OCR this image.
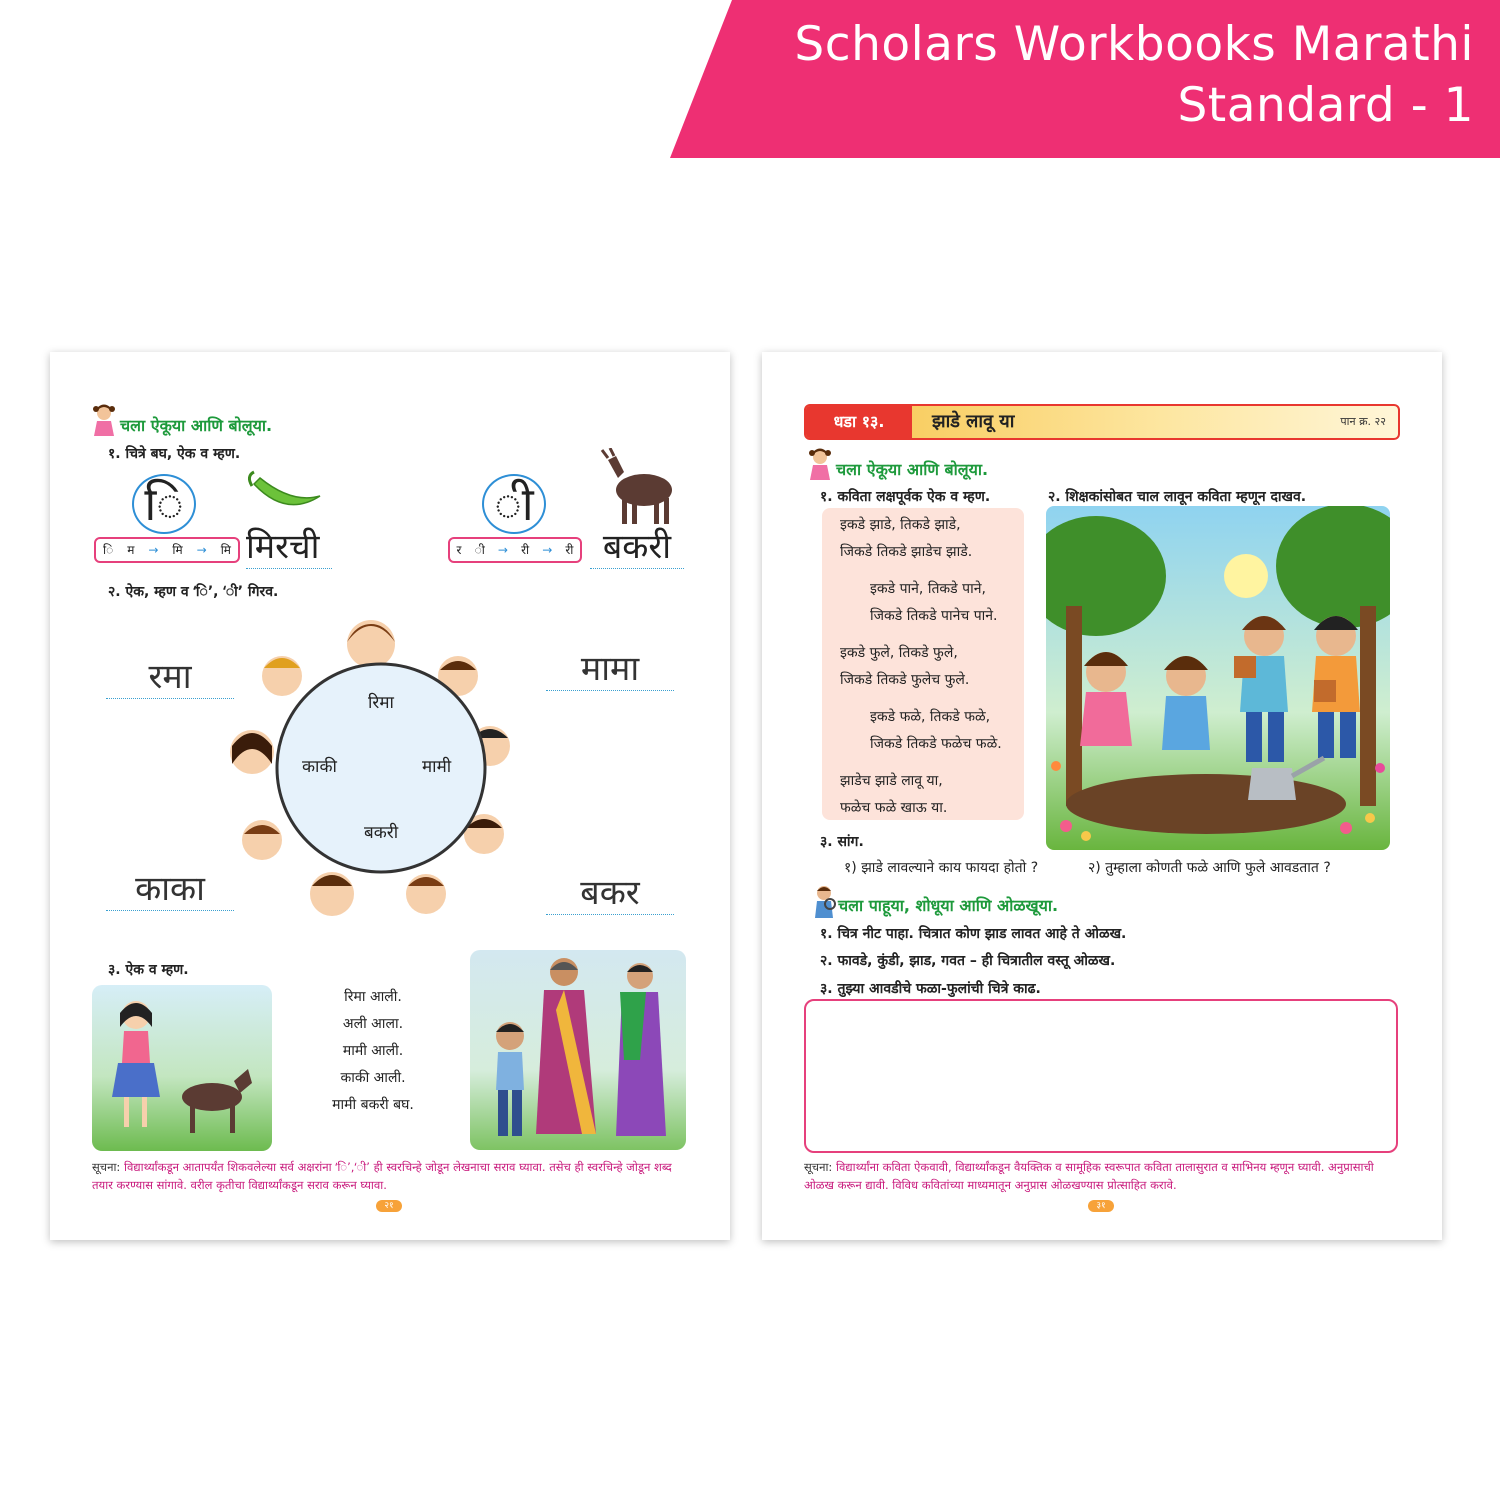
Scholars Workbooks Marathi
Standard - 1
चला ऐकूया आणि बोलूया.
१. चित्रे बघ, ऐक व म्हण.
ि
ि म → मि → मि मिरची
ी
र ी → री → री बकरी
२. ऐक, म्हण व ‘ि’, ‘ी’ गिरव.
रमा	मामा
काका	बकर
रिमा
काकी	मामी
बकरी
३. ऐक व म्हण.
रिमा आली.
अली आला.
मामी आली.
काकी आली.
मामी बकरी बघ.
सूचना: विद्यार्थ्यांकडून आतापर्यंत शिकवलेल्या सर्व अक्षरांना ‘ि’,‘ी’ ही स्वरचिन्हे जोडून लेखनाचा सराव घ्यावा. तसेच ही स्वरचिन्हे जोडून शब्द तयार करण्यास सांगावे. वरील कृतीचा विद्यार्थ्यांकडून सराव करून घ्यावा.
२१
धडा १३.	झाडे लावू या	पान क्र. २२
चला ऐकूया आणि बोलूया.
१. कविता लक्षपूर्वक ऐक व म्हण.	२. शिक्षकांसोबत चाल लावून कविता म्हणून दाखव.

इकडे झाडे, तिकडे झाडे,

जिकडे तिकडे झाडेच झाडे.

इकडे पाने, तिकडे पाने,

जिकडे तिकडे पानेच पाने.

इकडे फुले, तिकडे फुले,

जिकडे तिकडे फुलेच फुले.

इकडे फळे, तिकडे फळे,

जिकडे तिकडे फळेच फळे.

झाडेच झाडे लावू या,

फळेच फळे खाऊ या.

३. सांग.
१) झाडे लावल्याने काय फायदा होतो ?	२) तुम्हाला कोणती फळे आणि फुले आवडतात ?
चला पाहूया, शोधूया आणि ओळखूया.
१. चित्र नीट पाहा. चित्रात कोण झाड लावत आहे ते ओळख.
२. फावडे, कुंडी, झाड, गवत – ही चित्रातील वस्तू ओळख.
३. तुझ्या आवडीचे फळा-फुलांची चित्रे काढ.
सूचना: विद्यार्थ्यांना कविता ऐकवावी, विद्यार्थ्यांकडून वैयक्तिक व सामूहिक स्वरूपात कविता तालासुरात व साभिनय म्हणून घ्यावी. अनुप्रासाची ओळख करून द्यावी. विविध कवितांच्या माध्यमातून अनुप्रास ओळखण्यास प्रोत्साहित करावे.
३१
